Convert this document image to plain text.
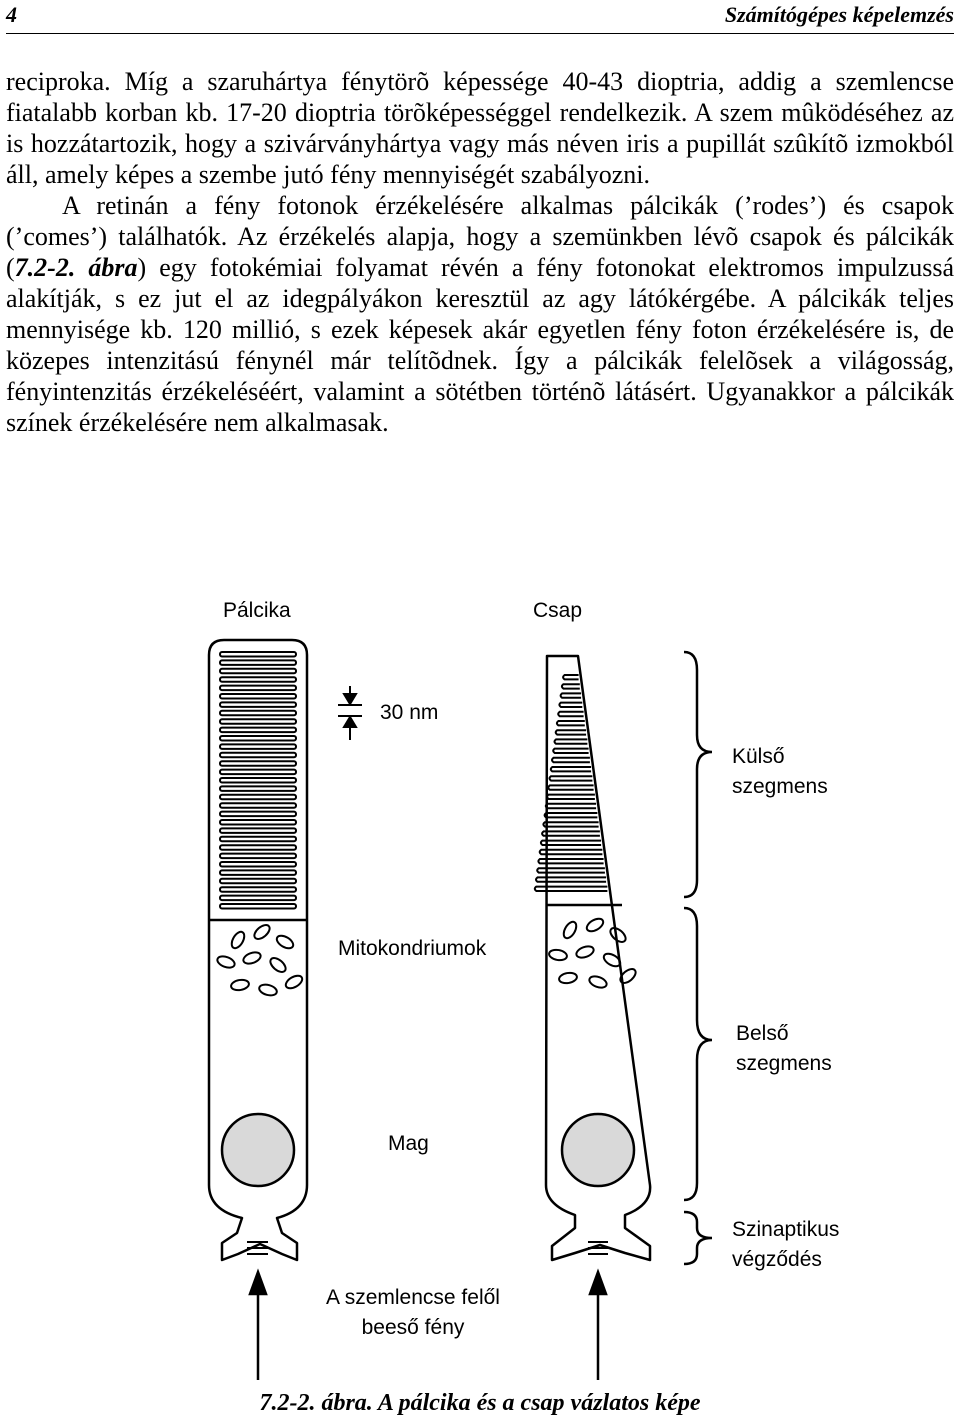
4	Számítógépes képelemzés

reciproka. Míg a szaruhártya fénytörõ képessége 40-43 dioptria, addig a szemlencse fiatalabb korban kb. 17-20 dioptria törõképességgel rendelkezik. A szem mûködéséhez az is hozzátartozik, hogy a szivárványhártya vagy más néven iris a pupillát szûkítõ izmokból áll, amely képes a szembe jutó fény mennyiségét szabályozni.

A retinán a fény fotonok érzékelésére alkalmas pálcikák (’rodes’) és csapok (’comes’) találhatók. Az érzékelés alapja, hogy a szemünkben lévõ csapok és pálcikák (7.2-2. ábra) egy fotokémiai folyamat révén a fény fotonokat elektromos impulzussá alakítják, s ez jut el az idegpályákon keresztül az agy látókérgébe. A pálcikák teljes mennyisége kb. 120 millió, s ezek képesek akár egyetlen fény foton érzékelésére is, de közepes intenzitású fénynél már telítõdnek. Így a pálcikák felelõsek a világosság, fényintenzitás érzékeléséért, valamint a sötétben történõ látásért. Ugyanakkor a pálcikák színek érzékelésére nem alkalmasak.

Pálcika	Csap
30 nm
Külső
szegmens
Mitokondriumok
Belső
szegmens
Mag
Szinaptikus
végződés
A szemlencse felől
beeső fény
7.2-2. ábra. A pálcika és a csap vázlatos képe
